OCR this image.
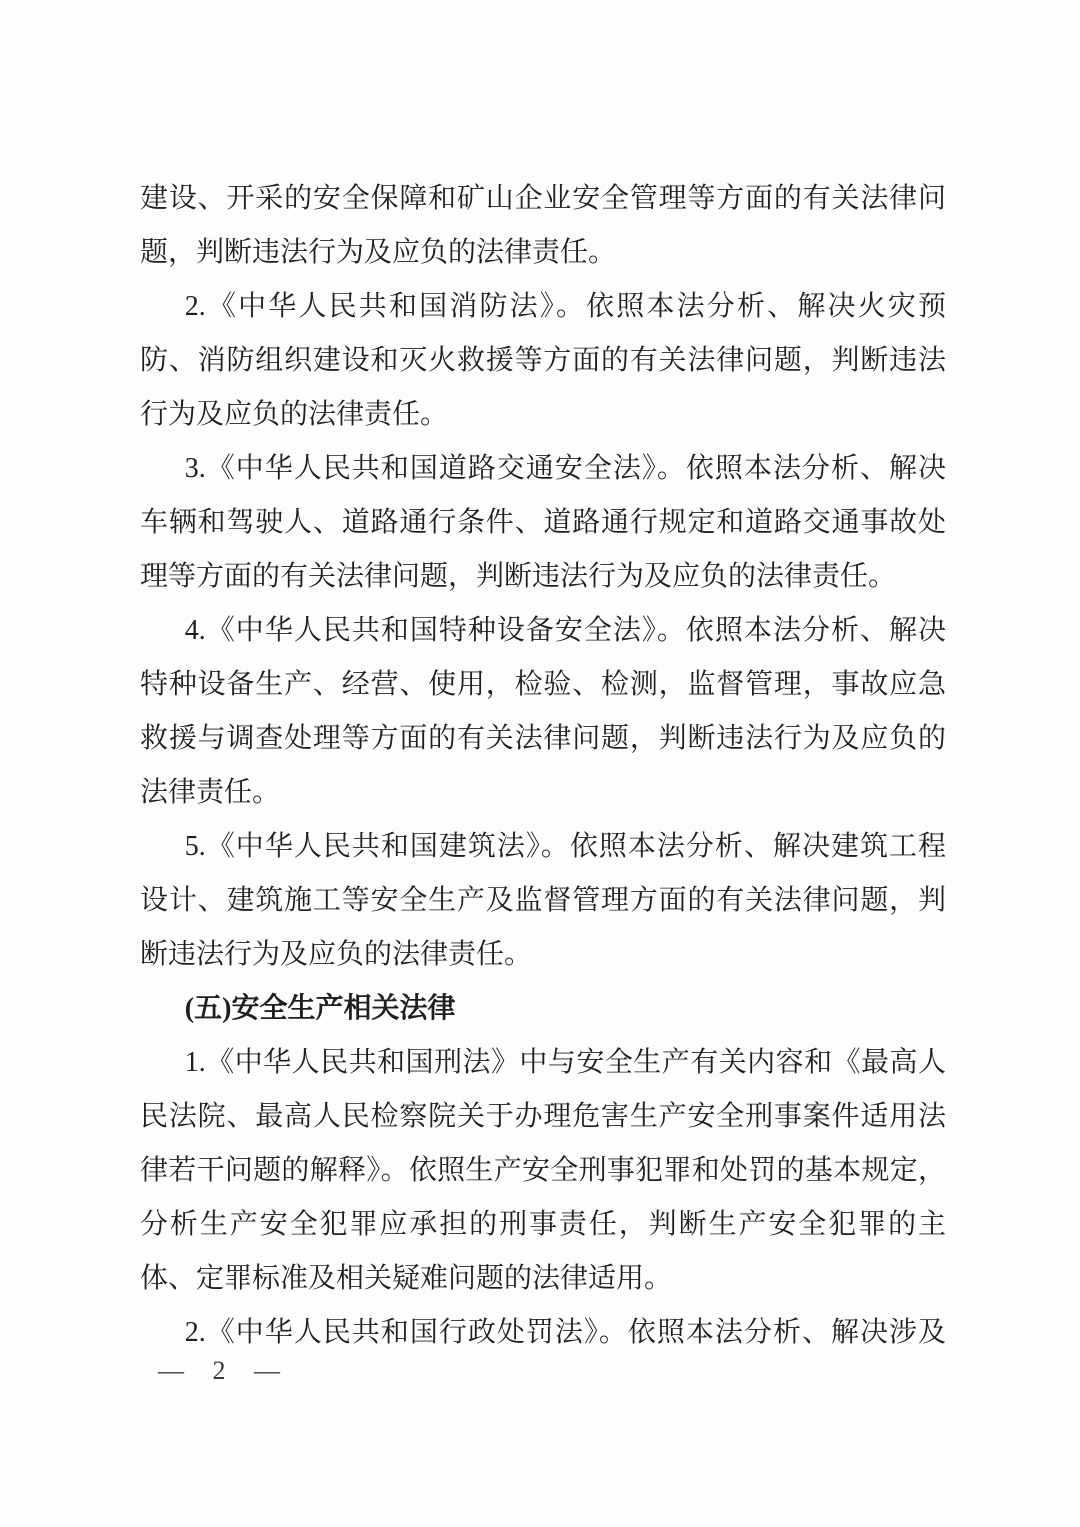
建设、开采的安全保障和矿山企业安全管理等方面的有关法律问题，判断违法行为及应负的法律责任。

2.《中华人民共和国消防法》。依照本法分析、解决火灾预防、消防组织建设和灭火救援等方面的有关法律问题，判断违法行为及应负的法律责任。

3.《中华人民共和国道路交通安全法》。依照本法分析、解决车辆和驾驶人、道路通行条件、道路通行规定和道路交通事故处理等方面的有关法律问题，判断违法行为及应负的法律责任。

4.《中华人民共和国特种设备安全法》。依照本法分析、解决特种设备生产、经营、使用，检验、检测，监督管理，事故应急救援与调查处理等方面的有关法律问题，判断违法行为及应负的法律责任。

5.《中华人民共和国建筑法》。依照本法分析、解决建筑工程设计、建筑施工等安全生产及监督管理方面的有关法律问题，判断违法行为及应负的法律责任。

(五)安全生产相关法律

1.《中华人民共和国刑法》中与安全生产有关内容和《最高人民法院、最高人民检察院关于办理危害生产安全刑事案件适用法律若干问题的解释》。依照生产安全刑事犯罪和处罚的基本规定，分析生产安全犯罪应承担的刑事责任，判断生产安全犯罪的主体、定罪标准及相关疑难问题的法律适用。

2.《中华人民共和国行政处罚法》。依照本法分析、解决涉及

— 2 —
